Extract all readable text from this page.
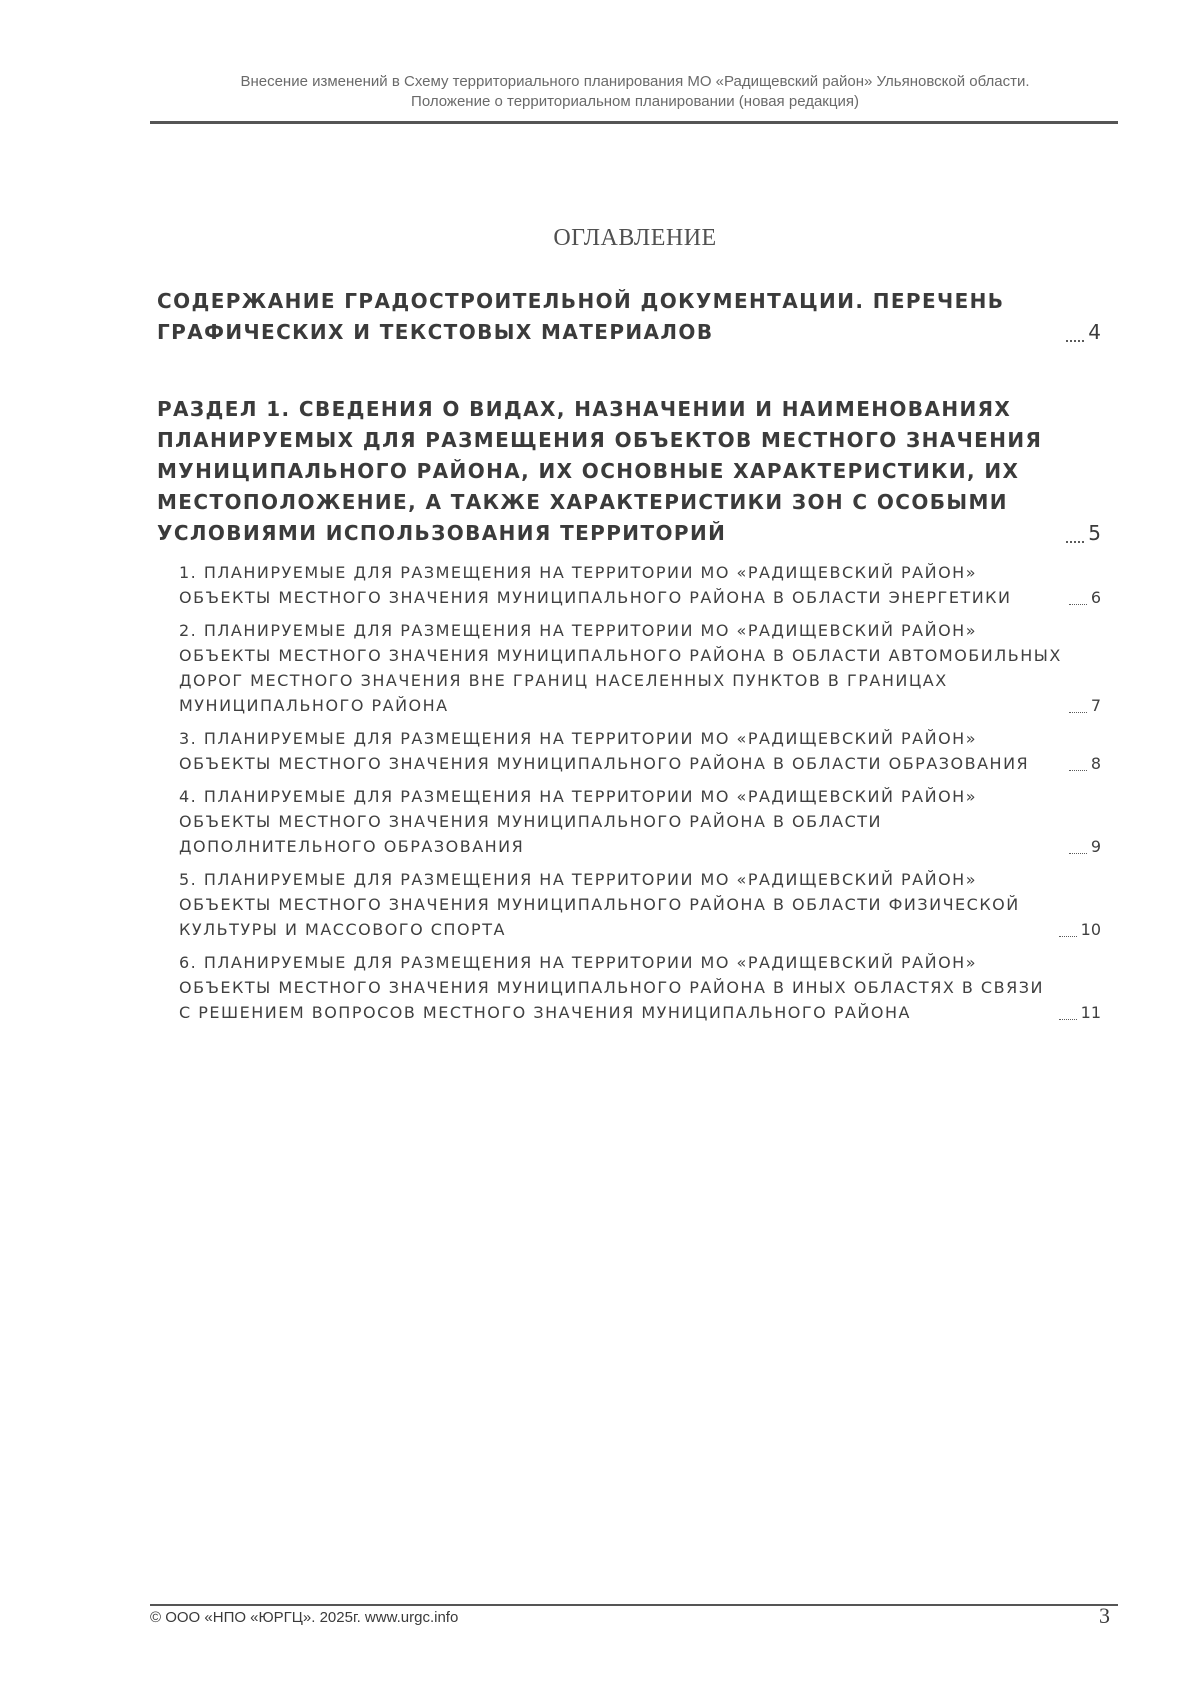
Внесение изменений в Схему территориального планирования МО «Радищевский район» Ульяновской области.
Положение о территориальном планировании (новая редакция)
ОГЛАВЛЕНИЕ
СОДЕРЖАНИЕ ГРАДОСТРОИТЕЛЬНОЙ ДОКУМЕНТАЦИИ. ПЕРЕЧЕНЬ ГРАФИЧЕСКИХ И ТЕКСТОВЫХ МАТЕРИАЛОВ	4
РАЗДЕЛ 1. СВЕДЕНИЯ О ВИДАХ, НАЗНАЧЕНИИ И НАИМЕНОВАНИЯХ ПЛАНИРУЕМЫХ ДЛЯ РАЗМЕЩЕНИЯ ОБЪЕКТОВ МЕСТНОГО ЗНАЧЕНИЯ МУНИЦИПАЛЬНОГО РАЙОНА, ИХ ОСНОВНЫЕ ХАРАКТЕРИСТИКИ, ИХ МЕСТОПОЛОЖЕНИЕ, А ТАКЖЕ ХАРАКТЕРИСТИКИ ЗОН С ОСОБЫМИ УСЛОВИЯМИ ИСПОЛЬЗОВАНИЯ ТЕРРИТОРИЙ	5
1. ПЛАНИРУЕМЫЕ ДЛЯ РАЗМЕЩЕНИЯ НА ТЕРРИТОРИИ МО «РАДИЩЕВСКИЙ РАЙОН» ОБЪЕКТЫ МЕСТНОГО ЗНАЧЕНИЯ МУНИЦИПАЛЬНОГО РАЙОНА В ОБЛАСТИ ЭНЕРГЕТИКИ	6
2. ПЛАНИРУЕМЫЕ ДЛЯ РАЗМЕЩЕНИЯ НА ТЕРРИТОРИИ МО «РАДИЩЕВСКИЙ РАЙОН» ОБЪЕКТЫ МЕСТНОГО ЗНАЧЕНИЯ МУНИЦИПАЛЬНОГО РАЙОНА В ОБЛАСТИ АВТОМОБИЛЬНЫХ ДОРОГ МЕСТНОГО ЗНАЧЕНИЯ ВНЕ ГРАНИЦ НАСЕЛЕННЫХ ПУНКТОВ В ГРАНИЦАХ МУНИЦИПАЛЬНОГО РАЙОНА	7
3. ПЛАНИРУЕМЫЕ ДЛЯ РАЗМЕЩЕНИЯ НА ТЕРРИТОРИИ МО «РАДИЩЕВСКИЙ РАЙОН» ОБЪЕКТЫ МЕСТНОГО ЗНАЧЕНИЯ МУНИЦИПАЛЬНОГО РАЙОНА В ОБЛАСТИ ОБРАЗОВАНИЯ	8
4. ПЛАНИРУЕМЫЕ ДЛЯ РАЗМЕЩЕНИЯ НА ТЕРРИТОРИИ МО «РАДИЩЕВСКИЙ РАЙОН» ОБЪЕКТЫ МЕСТНОГО ЗНАЧЕНИЯ МУНИЦИПАЛЬНОГО РАЙОНА В ОБЛАСТИ ДОПОЛНИТЕЛЬНОГО ОБРАЗОВАНИЯ	9
5. ПЛАНИРУЕМЫЕ ДЛЯ РАЗМЕЩЕНИЯ НА ТЕРРИТОРИИ МО «РАДИЩЕВСКИЙ РАЙОН» ОБЪЕКТЫ МЕСТНОГО ЗНАЧЕНИЯ МУНИЦИПАЛЬНОГО РАЙОНА В ОБЛАСТИ ФИЗИЧЕСКОЙ КУЛЬТУРЫ И МАССОВОГО СПОРТА	10
6. ПЛАНИРУЕМЫЕ ДЛЯ РАЗМЕЩЕНИЯ НА ТЕРРИТОРИИ МО «РАДИЩЕВСКИЙ РАЙОН» ОБЪЕКТЫ МЕСТНОГО ЗНАЧЕНИЯ МУНИЦИПАЛЬНОГО РАЙОНА В ИНЫХ ОБЛАСТЯХ В СВЯЗИ С РЕШЕНИЕМ ВОПРОСОВ МЕСТНОГО ЗНАЧЕНИЯ МУНИЦИПАЛЬНОГО РАЙОНА	11
© ООО «НПО «ЮРГЦ». 2025г. www.urgc.info	3
